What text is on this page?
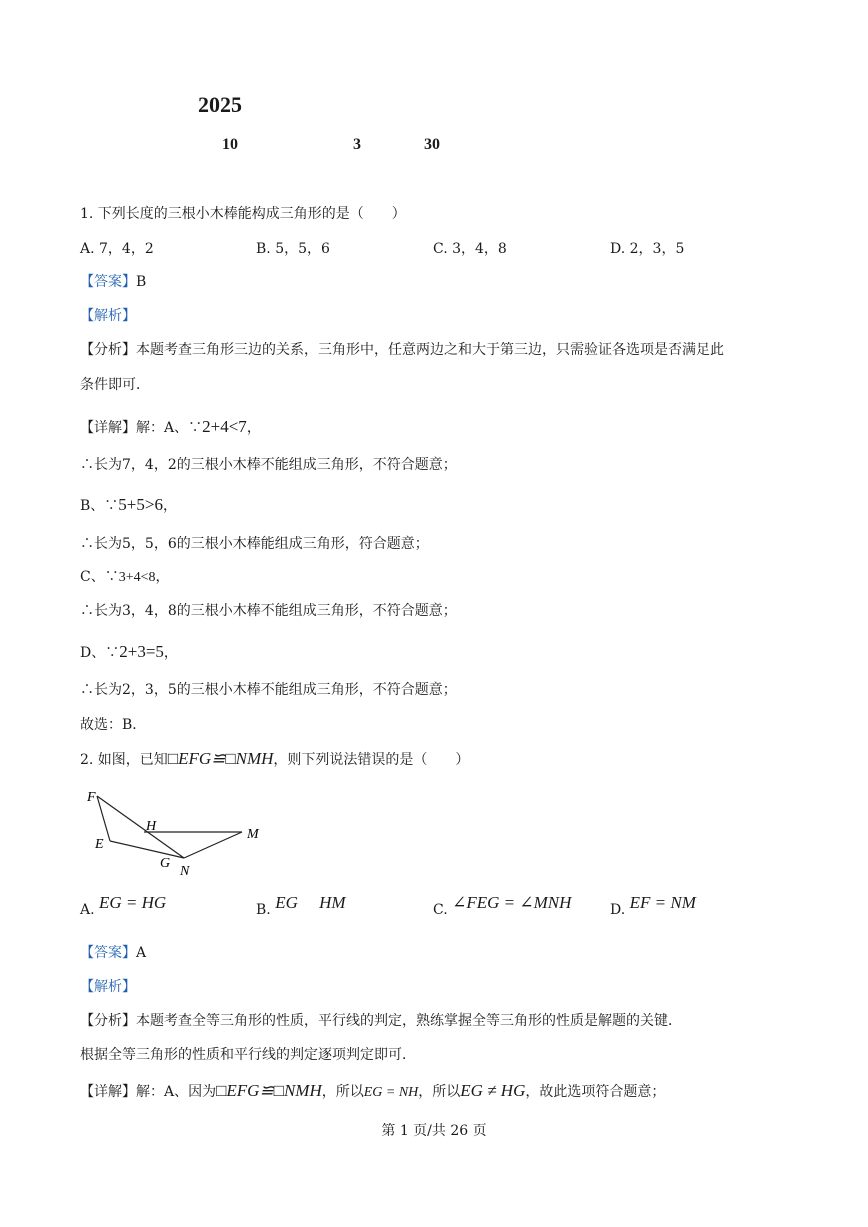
2025
10	3	30
1. 下列长度的三根小木棒能构成三角形的是（　　）
A. 7，4，2	B. 5，5，6	C. 3，4，8	D. 2，3，5
【答案】B
【解析】
【分析】本题考查三角形三边的关系，三角形中，任意两边之和大于第三边，只需验证各选项是否满足此
条件即可．
【详解】解：A、∵2+4<7，
∴长为7，4，2的三根小木棒不能组成三角形，不符合题意；
B、∵5+5>6，
∴长为5，5，6的三根小木棒能组成三角形，符合题意；
C、∵3+4<8，
∴长为3，4，8的三根小木棒不能组成三角形，不符合题意；
D、∵2+3=5，
∴长为2，3，5的三根小木棒不能组成三角形，不符合题意；
故选：B．
2. 如图，已知□EFG≌□NMH，则下列说法错误的是（　　）
F
H
M
E
G
N
A. EG = HG	B. EG　 HM	C. ∠FEG = ∠MNH	D. EF = NM
【答案】A
【解析】
【分析】本题考查全等三角形的性质，平行线的判定，熟练掌握全等三角形的性质是解题的关键．
根据全等三角形的性质和平行线的判定逐项判定即可．
【详解】解：A、因为□EFG≌□NMH，所以EG = NH，所以EG ≠ HG，故此选项符合题意；
第 1 页/共 26 页
